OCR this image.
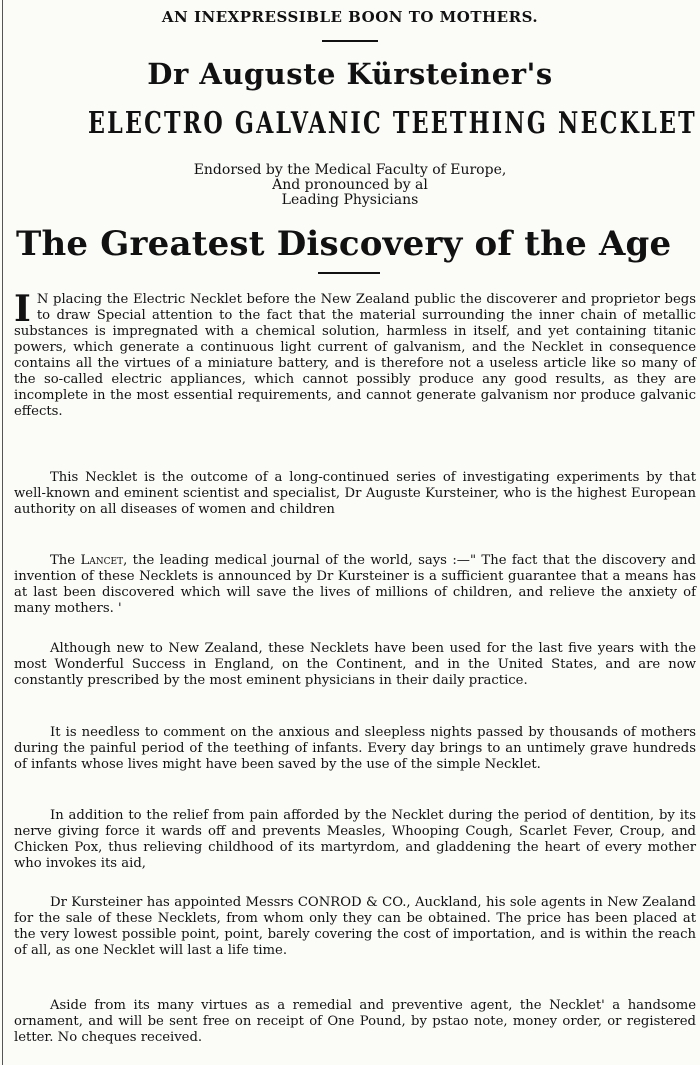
AN INEXPRESSIBLE BOON TO MOTHERS.
Dr Auguste Kürsteiner's
ELECTRO GALVANIC TEETHING NECKLET
Endorsed by the Medical Faculty of Europe,
And pronounced by al
Leading Physicians
The Greatest Discovery of the Age

I N placing the Electric Necklet before the New Zealand public the discoverer and proprietor begs to draw Special attention to the fact that the material surrounding the inner chain of metallic substances is impregnated with a chemical solution, harmless in itself, and yet containing titanic powers, which generate a continuous light current of galvanism, and the Necklet in consequence contains all the virtues of a miniature battery, and is therefore not a useless article like so many of the so-called electric appliances, which cannot possibly produce any good results, as they are incomplete in the most essential requirements, and cannot generate galvanism nor produce galvanic effects.

This Necklet is the outcome of a long-continued series of investigating experiments by that well-known and eminent scientist and specialist, Dr Auguste Kursteiner, who is the highest European authority on all diseases of women and children

The Lancet, the leading medical journal of the world, says :—" The fact that the discovery and invention of these Necklets is announced by Dr Kursteiner is a sufficient guarantee that a means has at last been discovered which will save the lives of millions of children, and relieve the anxiety of many mothers. '

Although new to New Zealand, these Necklets have been used for the last five years with the most Wonderful Success in England, on the Continent, and in the United States, and are now constantly prescribed by the most eminent physicians in their daily practice.

It is needless to comment on the anxious and sleepless nights passed by thousands of mothers during the painful period of the teething of infants. Every day brings to an untimely grave hundreds of infants whose lives might have been saved by the use of the simple Necklet.

In addition to the relief from pain afforded by the Necklet during the period of dentition, by its nerve giving force it wards off and prevents Measles, Whooping Cough, Scarlet Fever, Croup, and Chicken Pox, thus relieving childhood of its martyrdom, and gladdening the heart of every mother who invokes its aid,

Dr Kursteiner has appointed Messrs CONROD & CO., Auckland, his sole agents in New Zealand for the sale of these Necklets, from whom only they can be obtained. The price has been placed at the very lowest possible point, point, barely covering the cost of importation, and is within the reach of all, as one Necklet will last a life time.

Aside from its many virtues as a remedial and preventive agent, the Necklet' a handsome ornament, and will be sent free on receipt of One Pound, by pstao note, money order, or registered letter. No cheques received.
